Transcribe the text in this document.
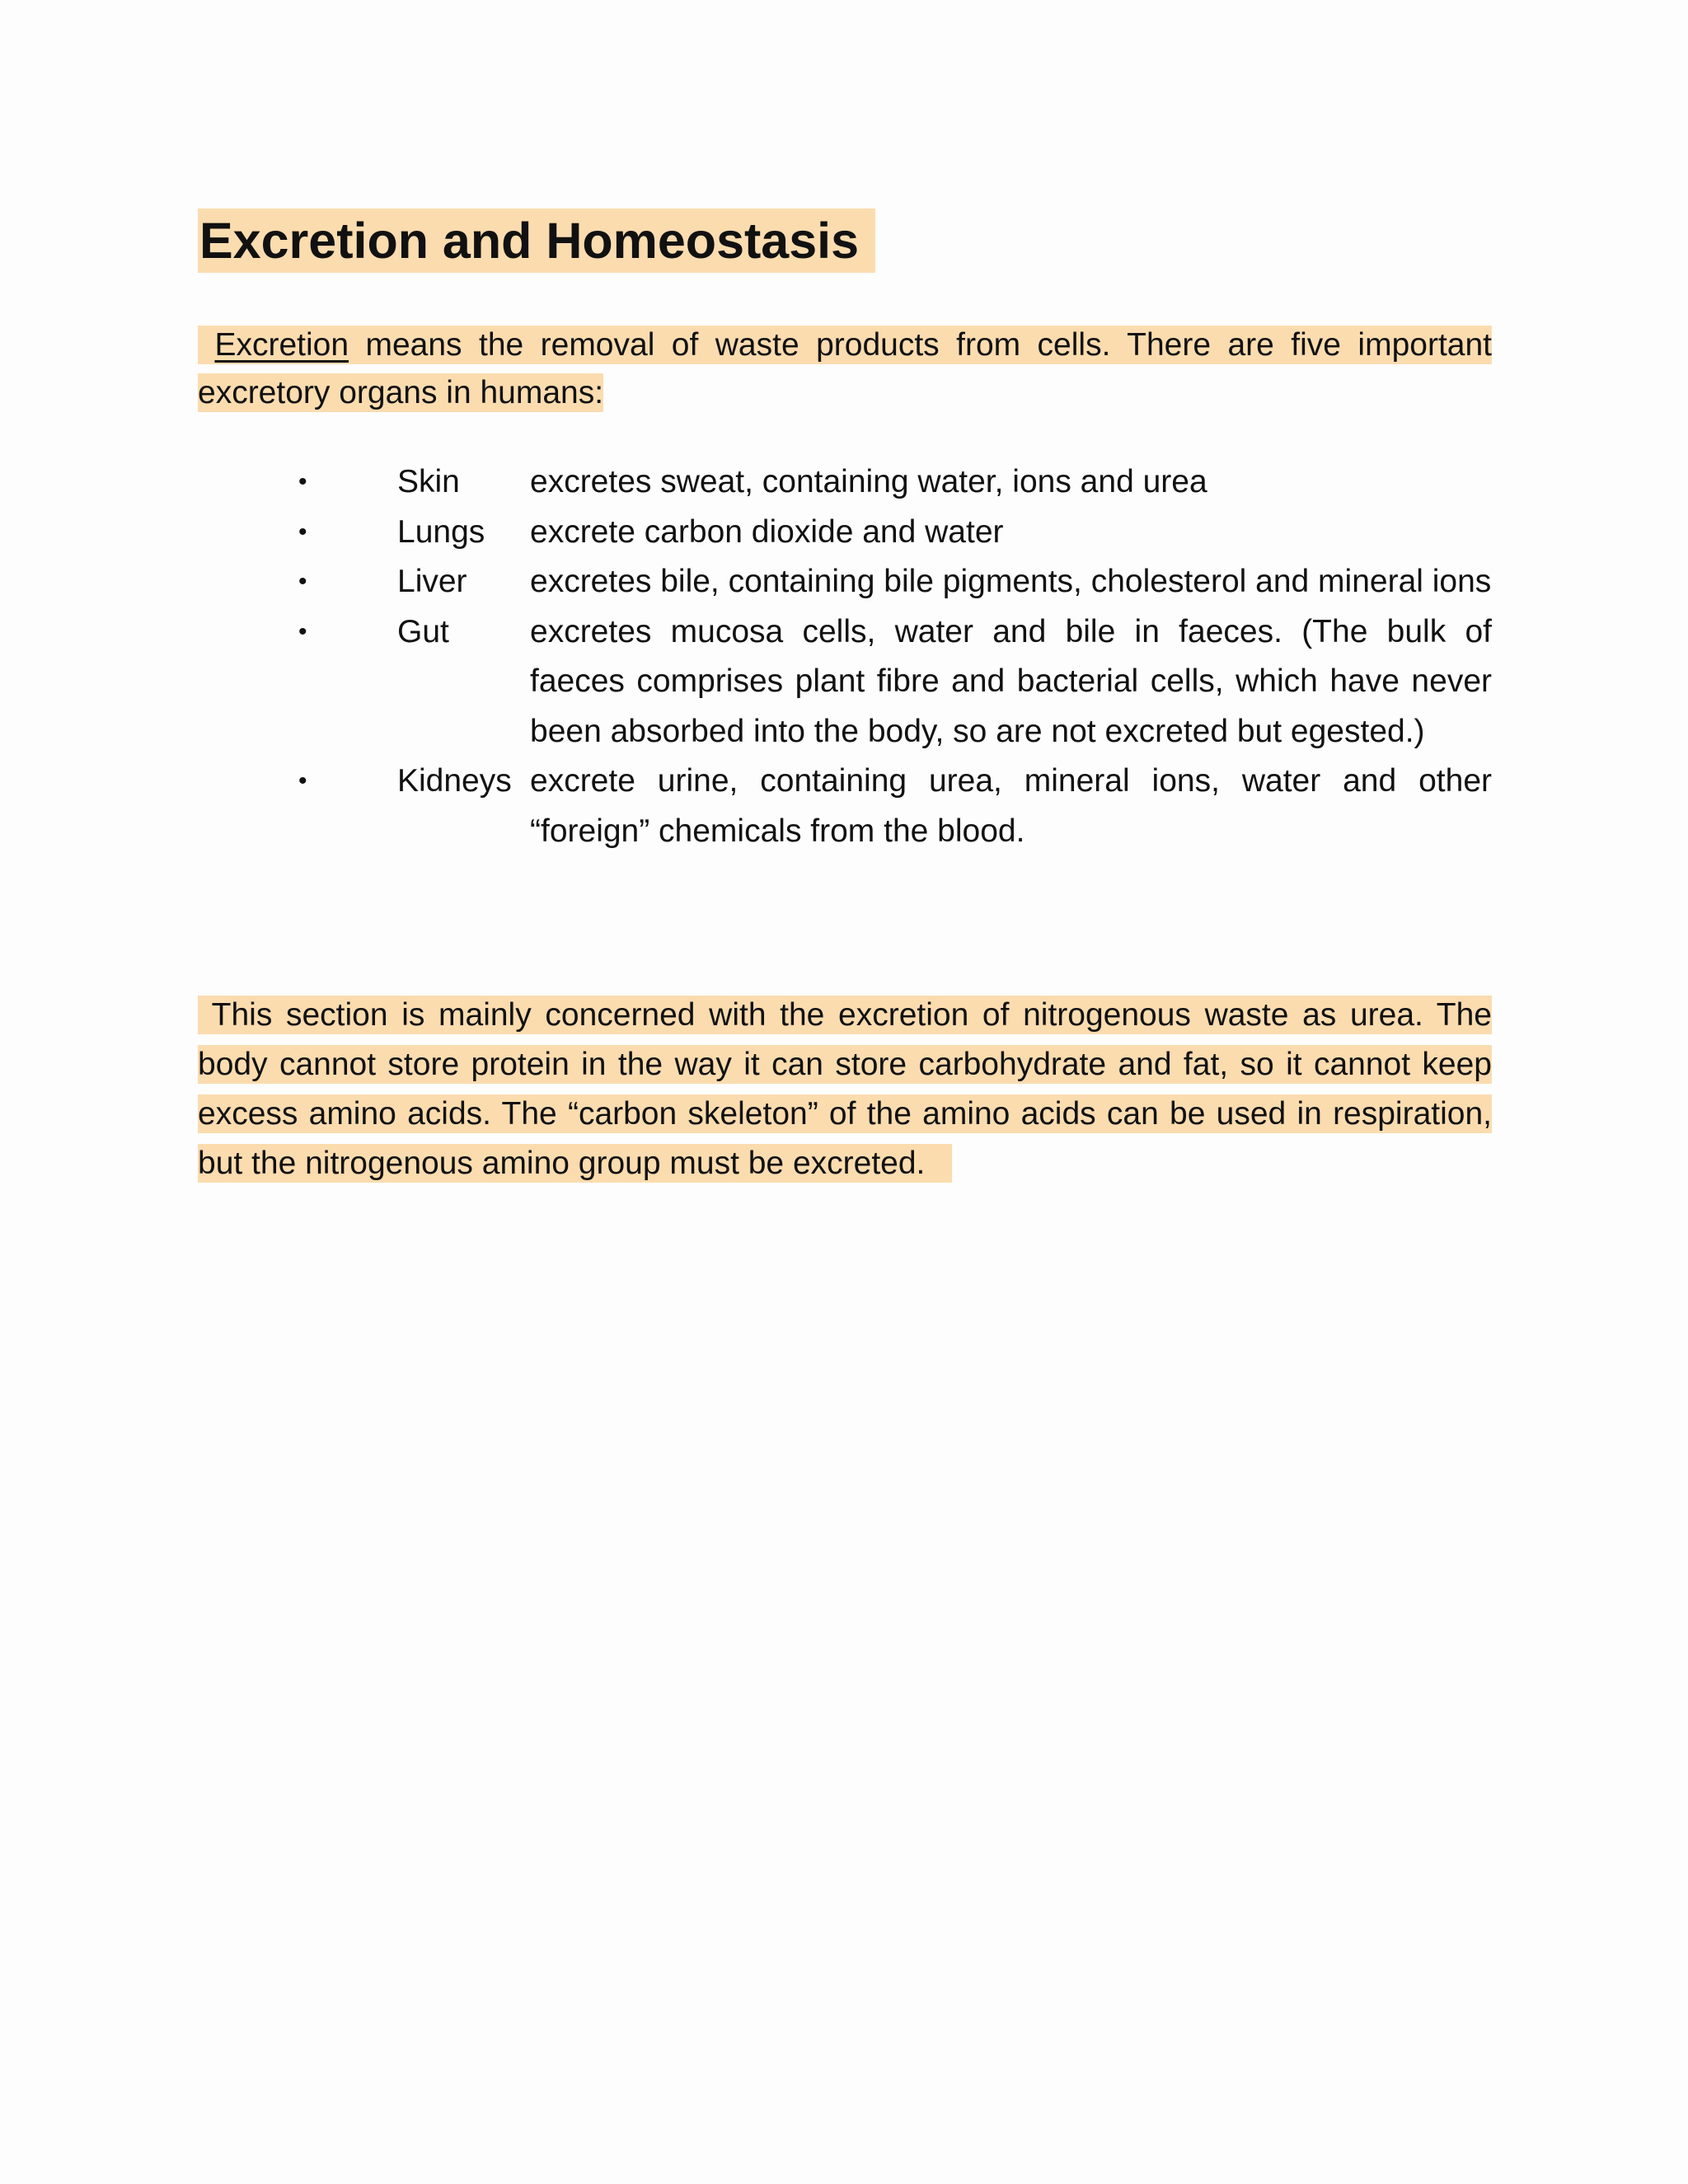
Excretion and Homeostasis

Excretion means the removal of waste products from cells. There are five important excretory organs in humans:

•	Skin	excretes sweat, containing water, ions and urea
•	Lungs	excrete carbon dioxide and water
•	Liver	excretes bile, containing bile pigments, cholesterol and mineral ions
•	Gut	excretes mucosa cells, water and bile in faeces. (The bulk of faeces comprises plant fibre and bacterial cells, which have never been absorbed into the body, so are not excreted but egested.)
•	Kidneys excrete urine, containing urea, mineral ions, water and other “foreign” chemicals from the blood.

This section is mainly concerned with the excretion of nitrogenous waste as urea. The body cannot store protein in the way it can store carbohydrate and fat, so it cannot keep excess amino acids. The “carbon skeleton” of the amino acids can be used in respiration, but the nitrogenous amino group must be excreted.
